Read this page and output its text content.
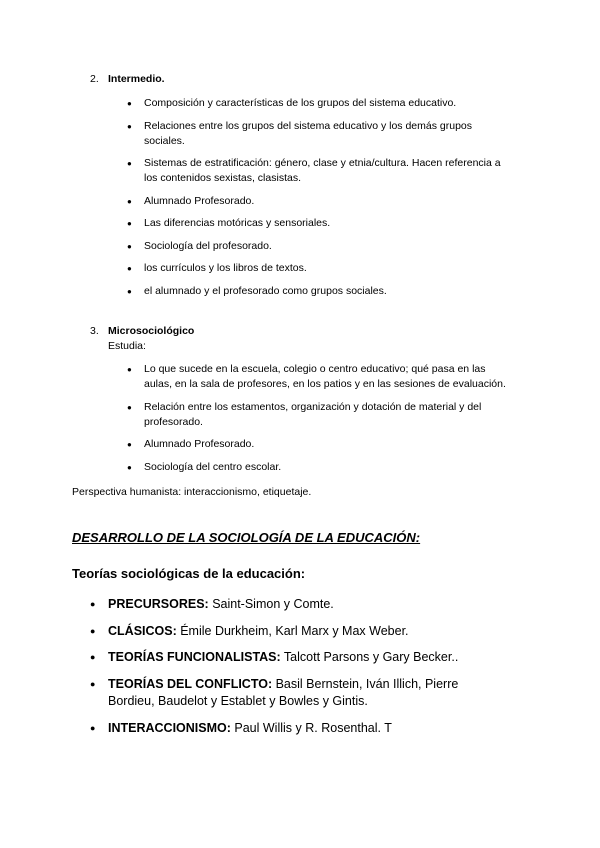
2. Intermedio.
● Composición y características de los grupos del sistema educativo.
● Relaciones entre los grupos del sistema educativo y los demás grupos sociales.
● Sistemas de estratificación: género, clase y etnia/cultura. Hacen referencia a los contenidos sexistas, clasistas.
● Alumnado Profesorado.
● Las diferencias motóricas y sensoriales.
● Sociología del profesorado.
● los currículos y los libros de textos.
● el alumnado y el profesorado como grupos sociales.
3. Microsociológico
Estudia:
● Lo que sucede en la escuela, colegio o centro educativo; qué pasa en las aulas, en la sala de profesores, en los patios y en las sesiones de evaluación.
● Relación entre los estamentos, organización y dotación de material y del profesorado.
● Alumnado Profesorado.
● Sociología del centro escolar.
Perspectiva humanista: interaccionismo, etiquetaje.
DESARROLLO DE LA SOCIOLOGÍA DE LA EDUCACIÓN:
Teorías sociológicas de la educación:
● PRECURSORES: Saint-Simon y Comte.
● CLÁSICOS: Émile Durkheim, Karl Marx y Max Weber.
● TEORÍAS FUNCIONALISTAS: Talcott Parsons y Gary Becker..
● TEORÍAS DEL CONFLICTO: Basil Bernstein, Iván Illich, Pierre Bordieu, Baudelot y Establet y Bowles y Gintis.
● INTERACCIONISMO: Paul Willis y R. Rosenthal. T
